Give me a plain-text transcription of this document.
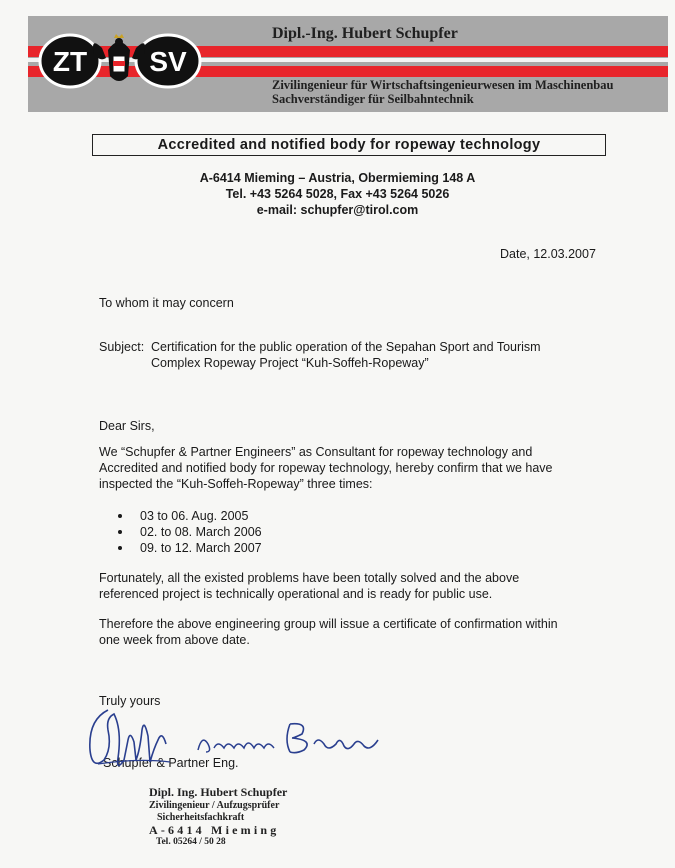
ZT SV
Dipl.-Ing. Hubert Schupfer
Zivilingenieur für Wirtschaftsingenieurwesen im Maschinenbau
Sachverständiger für Seilbahntechnik
Accredited and notified body for ropeway technology
A-6414 Mieming – Austria, Obermieming 148 A
Tel. +43 5264 5028, Fax +43 5264 5026
e-mail: schupfer@tirol.com
Date, 12.03.2007
To whom it may concern
Subject: Certification for the public operation of the Sepahan Sport and Tourism
Complex Ropeway Project “Kuh-Soffeh-Ropeway”
Dear Sirs,
We “Schupfer & Partner Engineers” as Consultant for ropeway technology and
Accredited and notified body for ropeway technology, hereby confirm that we have
inspected the “Kuh-Soffeh-Ropeway” three times:
03 to 06. Aug. 2005
02. to 08. March 2006
09. to 12. March 2007
Fortunately, all the existed problems have been totally solved and the above
referenced project is technically operational and is ready for public use.
Therefore the above engineering group will issue a certificate of confirmation within
one week from above date.
Truly yours
Schupfer & Partner Eng.
Dipl. Ing. Hubert Schupfer
Zivilingenieur / Aufzugsprüfer
Sicherheitsfachkraft
A-6414 Mieming
Tel. 05264 / 50 28
